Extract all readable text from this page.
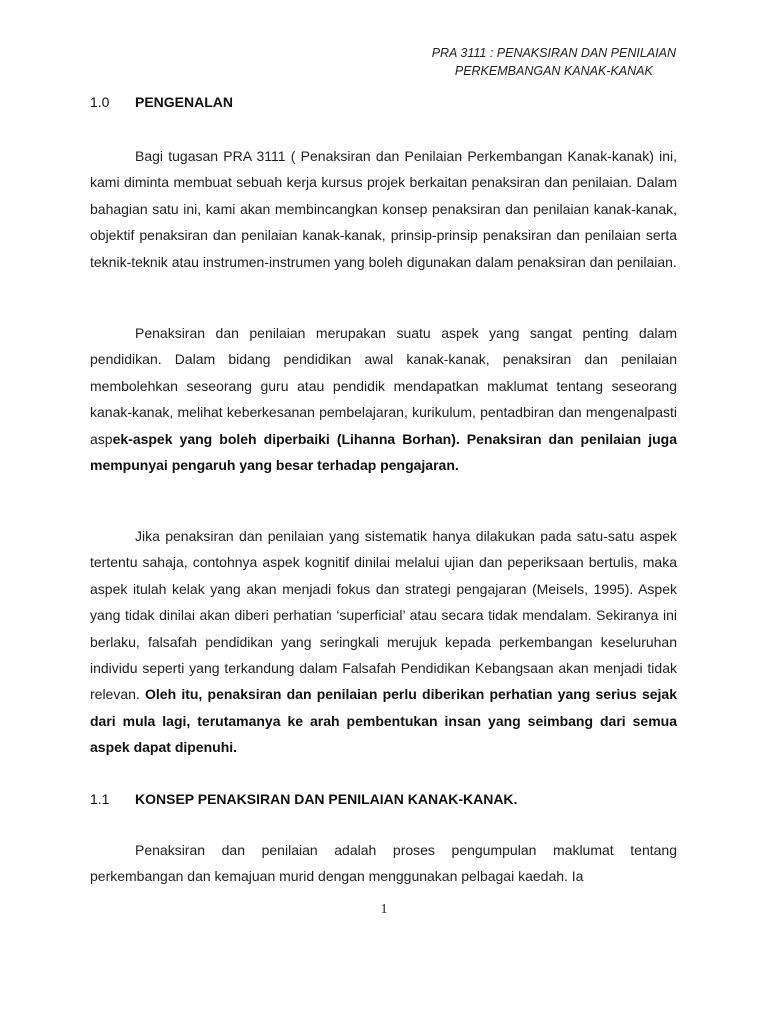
PRA 3111 : PENAKSIRAN DAN PENILAIAN
PERKEMBANGAN KANAK-KANAK
1.0 PENGENALAN

Bagi tugasan PRA 3111 ( Penaksiran dan Penilaian Perkembangan Kanak-kanak) ini, kami diminta membuat sebuah kerja kursus projek berkaitan penaksiran dan penilaian. Dalam bahagian satu ini, kami akan membincangkan konsep penaksiran dan penilaian kanak-kanak, objektif penaksiran dan penilaian kanak-kanak, prinsip-prinsip penaksiran dan penilaian serta teknik-teknik atau instrumen-instrumen yang boleh digunakan dalam penaksiran dan penilaian.

Penaksiran dan penilaian merupakan suatu aspek yang sangat penting dalam pendidikan. Dalam bidang pendidikan awal kanak-kanak, penaksiran dan penilaian membolehkan seseorang guru atau pendidik mendapatkan maklumat tentang seseorang kanak-kanak, melihat keberkesanan pembelajaran, kurikulum, pentadbiran dan mengenalpasti aspek-aspek yang boleh diperbaiki (Lihanna Borhan). Penaksiran dan penilaian juga mempunyai pengaruh yang besar terhadap pengajaran.

Jika penaksiran dan penilaian yang sistematik hanya dilakukan pada satu-satu aspek tertentu sahaja, contohnya aspek kognitif dinilai melalui ujian dan peperiksaan bertulis, maka aspek itulah kelak yang akan menjadi fokus dan strategi pengajaran (Meisels, 1995). Aspek yang tidak dinilai akan diberi perhatian ‘superficial’ atau secara tidak mendalam. Sekiranya ini berlaku, falsafah pendidikan yang seringkali merujuk kepada perkembangan keseluruhan individu seperti yang terkandung dalam Falsafah Pendidikan Kebangsaan akan menjadi tidak relevan. Oleh itu, penaksiran dan penilaian perlu diberikan perhatian yang serius sejak dari mula lagi, terutamanya ke arah pembentukan insan yang seimbang dari semua aspek dapat dipenuhi.

1.1 KONSEP PENAKSIRAN DAN PENILAIAN KANAK-KANAK.

Penaksiran dan penilaian adalah proses pengumpulan maklumat tentang perkembangan dan kemajuan murid dengan menggunakan pelbagai kaedah. Ia

1
